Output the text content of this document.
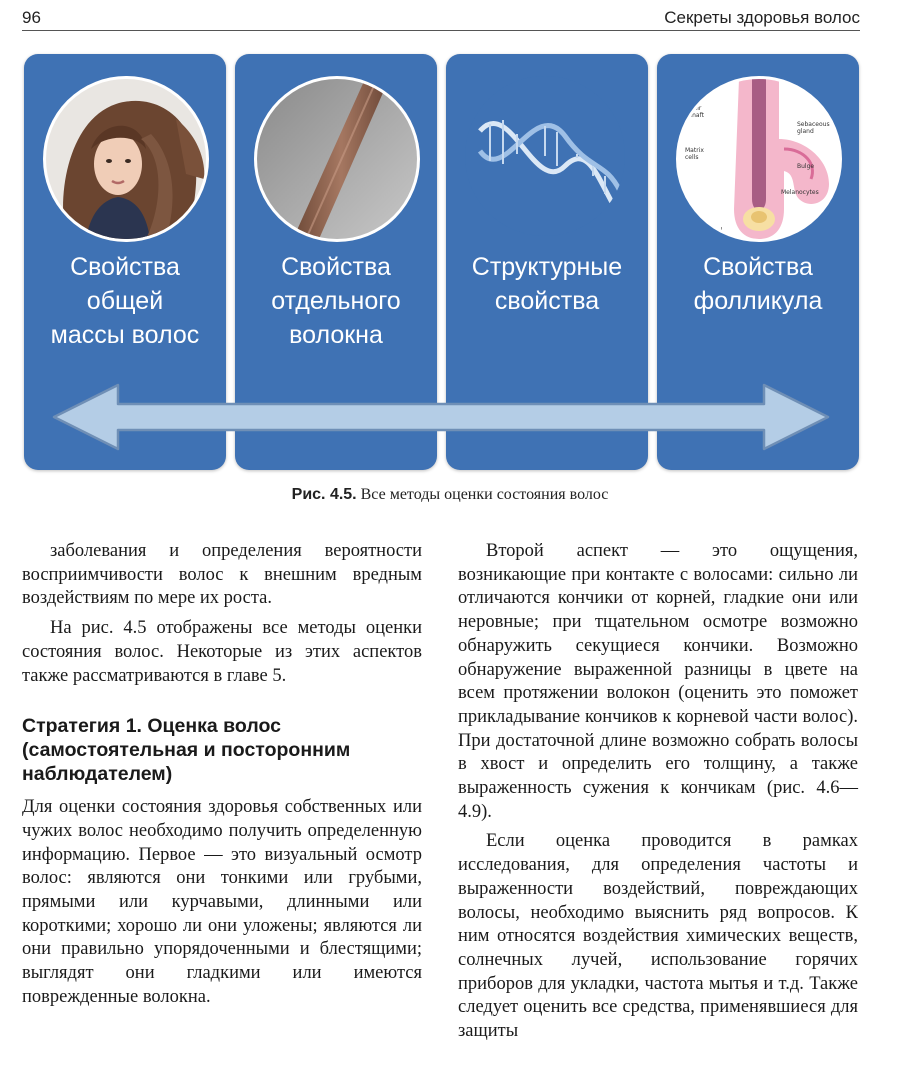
96	Секреты здоровья волос
Свойства
общей
массы волос
Свойства
отдельного
волокна
Структурные
свойства
Hair shaft
Sebaceous gland
Matrix cells
Bulge
Melanocytes
nal
Свойства
фолликула
Рис. 4.5. Все методы оценки состояния волос

заболевания и определения вероятности восприимчивости волос к внешним вредным воздействиям по мере их роста.

На рис. 4.5 отображены все методы оценки состояния волос. Некоторые из этих аспектов также рассматриваются в главе 5.

Стратегия 1. Оценка волос (самостоятельная и посторонним наблюдателем)

Для оценки состояния здоровья собственных или чужих волос необходимо получить определенную информацию. Первое — это визуальный осмотр волос: являются они тонкими или грубыми, прямыми или курчавыми, длинными или короткими; хорошо ли они уложены; являются ли они правильно упорядоченными и блестящими; выглядят они гладкими или имеются поврежденные волокна.

Второй аспект — это ощущения, возникающие при контакте с волосами: сильно ли отличаются кончики от корней, гладкие они или неровные; при тщательном осмотре возможно обнаружить секущиеся кончики. Возможно обнаружение выраженной разницы в цвете на всем протяжении волокон (оценить это поможет прикладывание кончиков к корневой части волос). При достаточной длине возможно собрать волосы в хвост и определить его толщину, а также выраженность сужения к кончикам (рис. 4.6—4.9).

Если оценка проводится в рамках исследования, для определения частоты и выраженности воздействий, повреждающих волосы, необходимо выяснить ряд вопросов. К ним относятся воздействия химических веществ, солнечных лучей, использование горячих приборов для укладки, частота мытья и т.д. Также следует оценить все средства, применявшиеся для защиты
